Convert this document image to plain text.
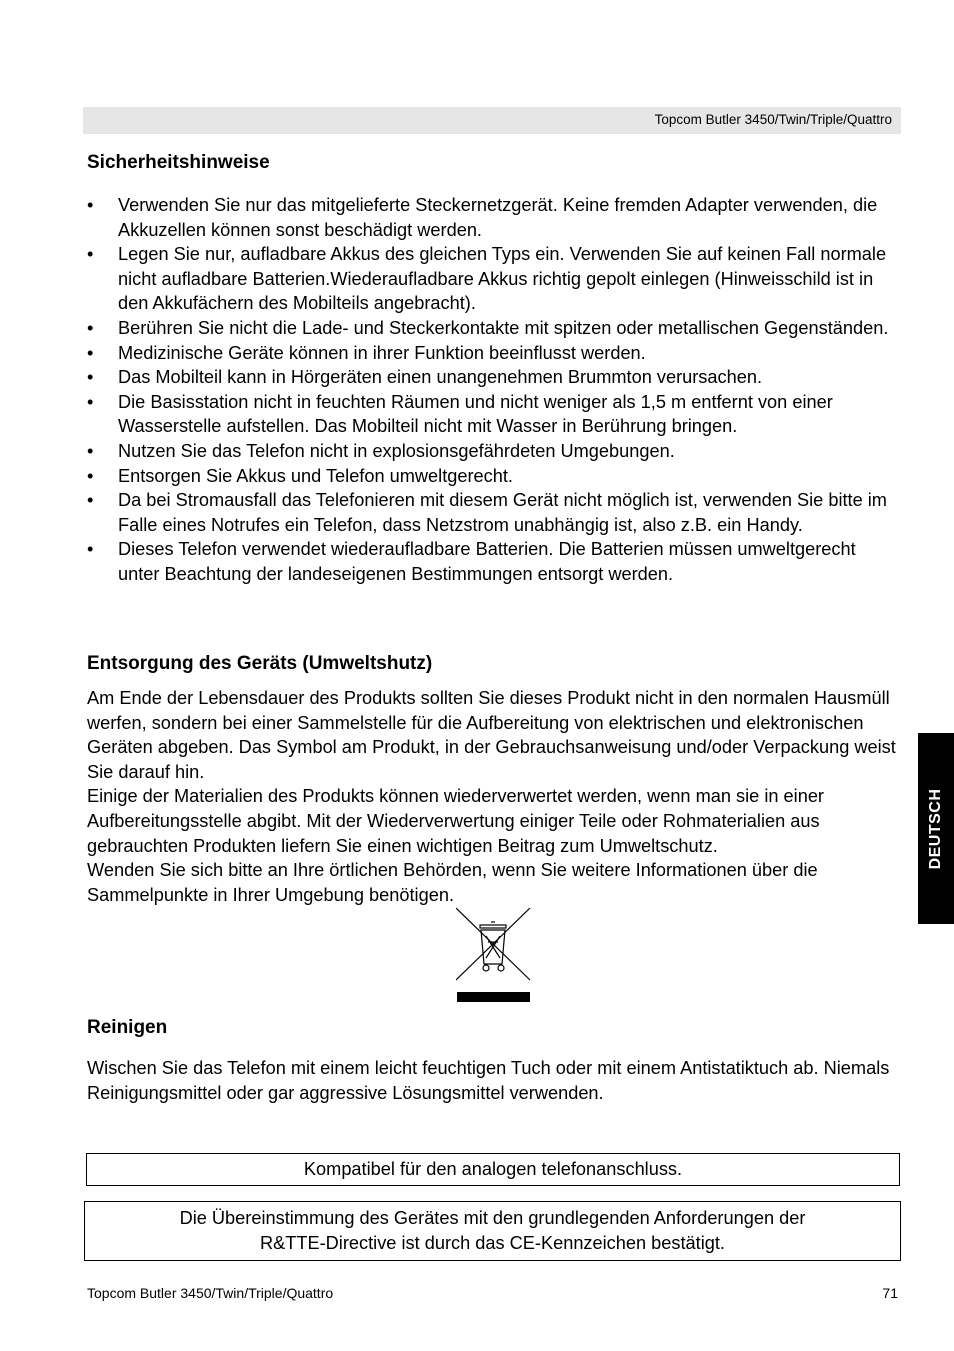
Topcom Butler 3450/Twin/Triple/Quattro
Sicherheitshinweise
• Verwenden Sie nur das mitgelieferte Steckernetzgerät. Keine fremden Adapter verwenden, die Akkuzellen können sonst beschädigt werden.
• Legen Sie nur, aufladbare Akkus des gleichen Typs ein. Verwenden Sie auf keinen Fall normale nicht aufladbare Batterien.Wiederaufladbare Akkus richtig gepolt einlegen (Hinweisschild ist in den Akkufächern des Mobilteils angebracht).
• Berühren Sie nicht die Lade- und Steckerkontakte mit spitzen oder metallischen Gegenständen.
• Medizinische Geräte können in ihrer Funktion beeinflusst werden.
• Das Mobilteil kann in Hörgeräten einen unangenehmen Brummton verursachen.
• Die Basisstation nicht in feuchten Räumen und nicht weniger als 1,5 m entfernt von einer Wasserstelle aufstellen. Das Mobilteil nicht mit Wasser in Berührung bringen.
• Nutzen Sie das Telefon nicht in explosionsgefährdeten Umgebungen.
• Entsorgen Sie Akkus und Telefon umweltgerecht.
• Da bei Stromausfall das Telefonieren mit diesem Gerät nicht möglich ist, verwenden Sie bitte im Falle eines Notrufes ein Telefon, dass Netzstrom unabhängig ist, also z.B. ein Handy.
• Dieses Telefon verwendet wiederaufladbare Batterien. Die Batterien müssen umweltgerecht unter Beachtung der landeseigenen Bestimmungen entsorgt werden.
Entsorgung des Geräts (Umweltshutz)

Am Ende der Lebensdauer des Produkts sollten Sie dieses Produkt nicht in den normalen Hausmüll werfen, sondern bei einer Sammelstelle für die Aufbereitung von elektrischen und elektronischen Geräten abgeben. Das Symbol am Produkt, in der Gebrauchsanweisung und/oder Verpackung weist Sie darauf hin.

Einige der Materialien des Produkts können wiederverwertet werden, wenn man sie in einer Aufbereitungsstelle abgibt. Mit der Wiederverwertung einiger Teile oder Rohmaterialien aus gebrauchten Produkten liefern Sie einen wichtigen Beitrag zum Umweltschutz.

Wenden Sie sich bitte an Ihre örtlichen Behörden, wenn Sie weitere Informationen über die Sammelpunkte in Ihrer Umgebung benötigen.

Reinigen

Wischen Sie das Telefon mit einem leicht feuchtigen Tuch oder mit einem Antistatiktuch ab. Niemals Reinigungsmittel oder gar aggressive Lösungsmittel verwenden.

Kompatibel für den analogen telefonanschluss.
Die Übereinstimmung des Gerätes mit den grundlegenden Anforderungen der
R&TTE-Directive ist durch das CE-Kennzeichen bestätigt.
DEUTSCH
Topcom Butler 3450/Twin/Triple/Quattro	71
